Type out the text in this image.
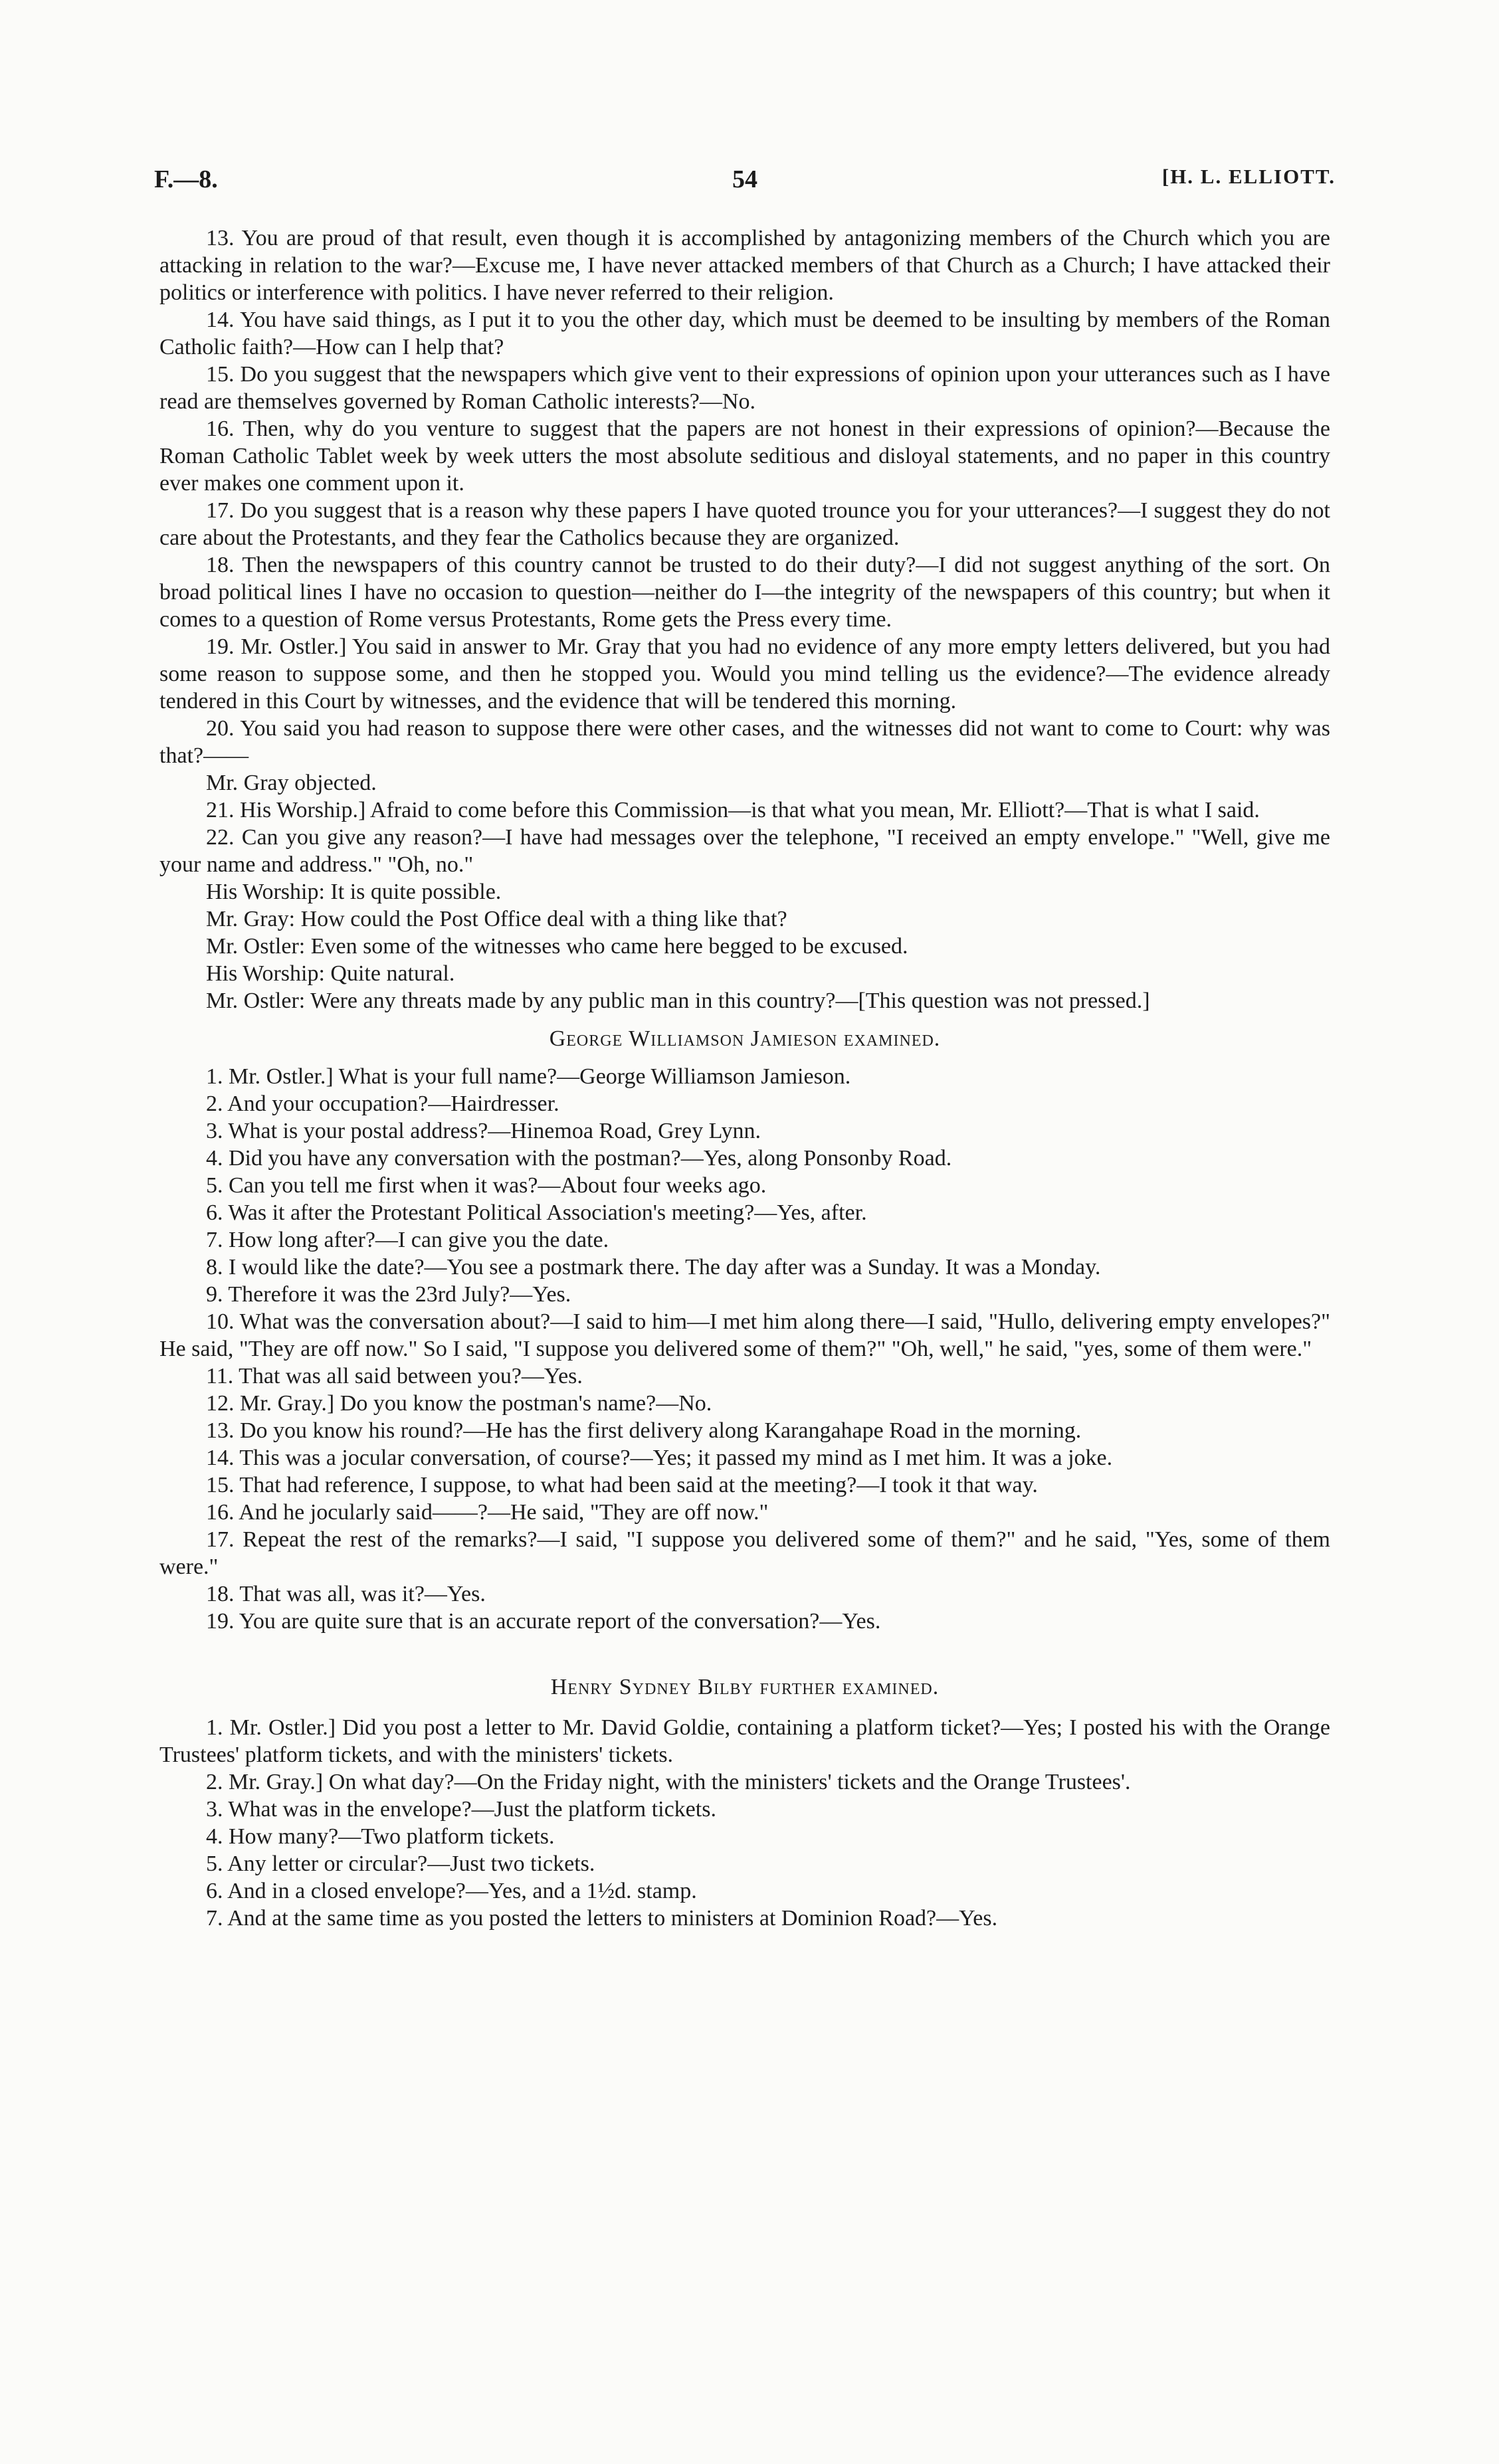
F.—8.	54	[H. L. ELLIOTT.

13. You are proud of that result, even though it is accomplished by antagonizing members of the Church which you are attacking in relation to the war?—Excuse me, I have never attacked members of that Church as a Church; I have attacked their politics or interference with politics. I have never referred to their religion.

14. You have said things, as I put it to you the other day, which must be deemed to be insulting by members of the Roman Catholic faith?—How can I help that?

15. Do you suggest that the newspapers which give vent to their expressions of opinion upon your utterances such as I have read are themselves governed by Roman Catholic interests?—No.

16. Then, why do you venture to suggest that the papers are not honest in their expressions of opinion?—Because the Roman Catholic Tablet week by week utters the most absolute seditious and disloyal statements, and no paper in this country ever makes one comment upon it.

17. Do you suggest that is a reason why these papers I have quoted trounce you for your utterances?—I suggest they do not care about the Protestants, and they fear the Catholics because they are organized.

18. Then the newspapers of this country cannot be trusted to do their duty?—I did not suggest anything of the sort. On broad political lines I have no occasion to question—neither do I—the integrity of the newspapers of this country; but when it comes to a question of Rome versus Protestants, Rome gets the Press every time.

19. Mr. Ostler.] You said in answer to Mr. Gray that you had no evidence of any more empty letters delivered, but you had some reason to suppose some, and then he stopped you. Would you mind telling us the evidence?—The evidence already tendered in this Court by witnesses, and the evidence that will be tendered this morning.

20. You said you had reason to suppose there were other cases, and the witnesses did not want to come to Court: why was that?——

Mr. Gray objected.

21. His Worship.] Afraid to come before this Commission—is that what you mean, Mr. Elliott?—That is what I said.

22. Can you give any reason?—I have had messages over the telephone, "I received an empty envelope." "Well, give me your name and address." "Oh, no."

His Worship: It is quite possible.

Mr. Gray: How could the Post Office deal with a thing like that?

Mr. Ostler: Even some of the witnesses who came here begged to be excused.

His Worship: Quite natural.

Mr. Ostler: Were any threats made by any public man in this country?—[This question was not pressed.]

George Williamson Jamieson examined.

1. Mr. Ostler.] What is your full name?—George Williamson Jamieson.

2. And your occupation?—Hairdresser.

3. What is your postal address?—Hinemoa Road, Grey Lynn.

4. Did you have any conversation with the postman?—Yes, along Ponsonby Road.

5. Can you tell me first when it was?—About four weeks ago.

6. Was it after the Protestant Political Association's meeting?—Yes, after.

7. How long after?—I can give you the date.

8. I would like the date?—You see a postmark there. The day after was a Sunday. It was a Monday.

9. Therefore it was the 23rd July?—Yes.

10. What was the conversation about?—I said to him—I met him along there—I said, "Hullo, delivering empty envelopes?" He said, "They are off now." So I said, "I suppose you delivered some of them?" "Oh, well," he said, "yes, some of them were."

11. That was all said between you?—Yes.

12. Mr. Gray.] Do you know the postman's name?—No.

13. Do you know his round?—He has the first delivery along Karangahape Road in the morning.

14. This was a jocular conversation, of course?—Yes; it passed my mind as I met him. It was a joke.

15. That had reference, I suppose, to what had been said at the meeting?—I took it that way.

16. And he jocularly said——?—He said, "They are off now."

17. Repeat the rest of the remarks?—I said, "I suppose you delivered some of them?" and he said, "Yes, some of them were."

18. That was all, was it?—Yes.

19. You are quite sure that is an accurate report of the conversation?—Yes.

Henry Sydney Bilby further examined.

1. Mr. Ostler.] Did you post a letter to Mr. David Goldie, containing a platform ticket?—Yes; I posted his with the Orange Trustees' platform tickets, and with the ministers' tickets.

2. Mr. Gray.] On what day?—On the Friday night, with the ministers' tickets and the Orange Trustees'.

3. What was in the envelope?—Just the platform tickets.

4. How many?—Two platform tickets.

5. Any letter or circular?—Just two tickets.

6. And in a closed envelope?—Yes, and a 1½d. stamp.

7. And at the same time as you posted the letters to ministers at Dominion Road?—Yes.
